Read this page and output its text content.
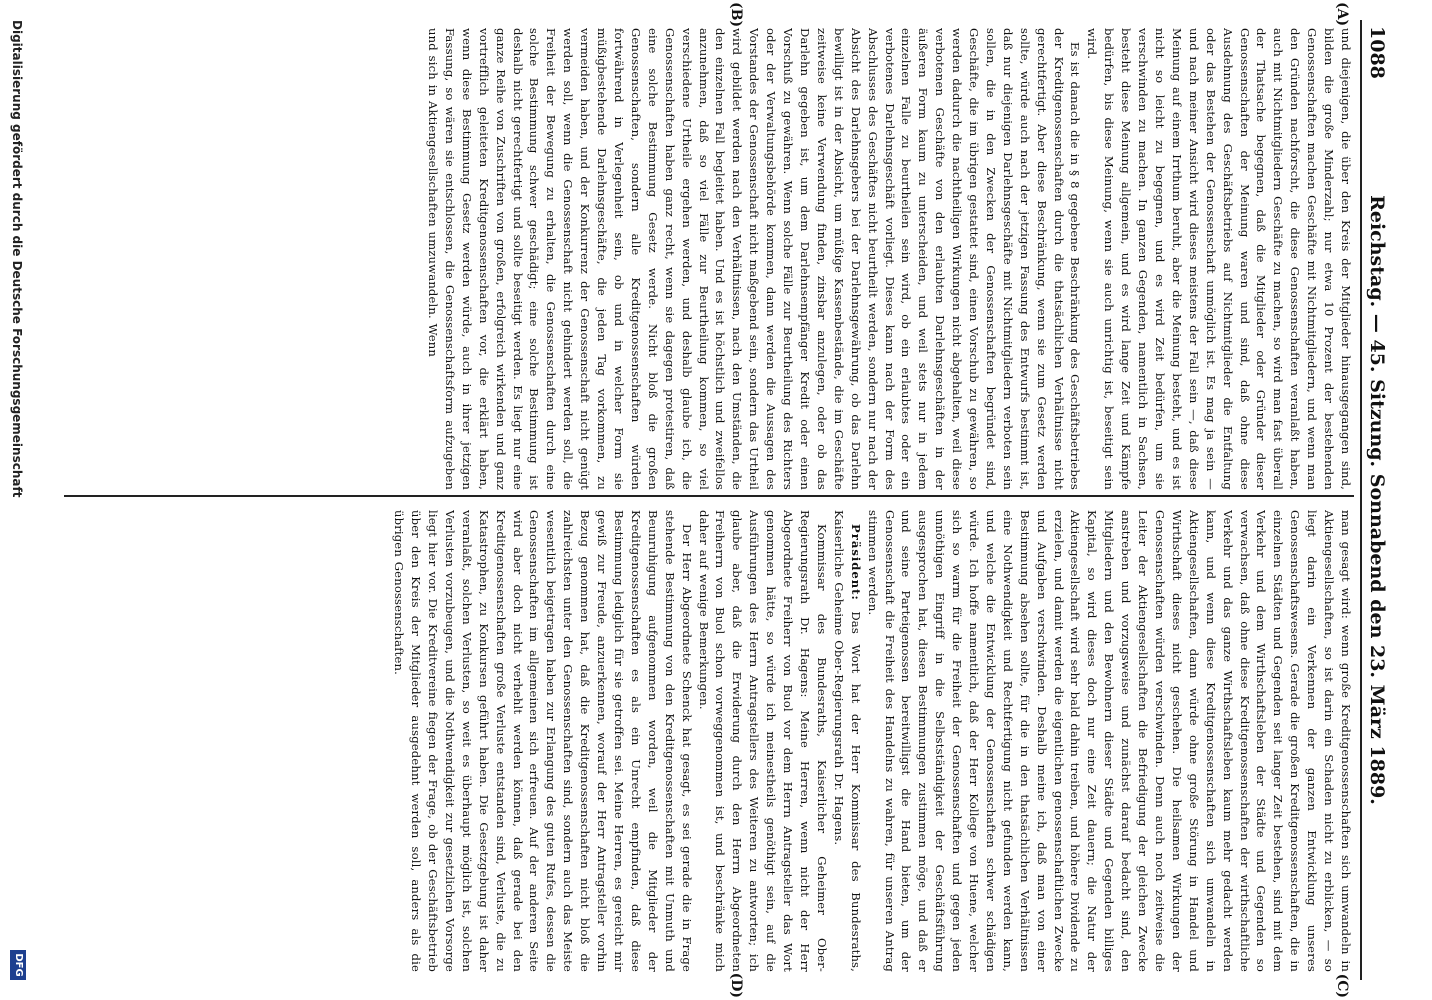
1088
Reichstag. — 45. Sitzung. Sonnabend den 23. März 1889.
(A)
(B)
(C)
(D)

und diejenigen, die über den Kreis der Mitglieder hinausgegangen sind, bilden die große Minderzahl; nur etwa 10 Prozent der bestehenden Genossenschaften machen Geschäfte mit Nichtmitgliedern, und wenn man den Gründen nachforscht, die diese Genossenschaften veranlaßt haben, auch mit Nichtmitgliedern Geschäfte zu machen, so wird man fast überall der Thatsache begegnen, daß die Mitglieder oder Gründer dieser Genossenschaften der Meinung waren und sind, daß ohne diese Ausdehnung des Geschäftsbetriebs auf Nichtmitglieder die Entfaltung oder das Bestehen der Genossenschaft unmöglich ist. Es mag ja sein — und nach meiner Ansicht wird dieses meistens der Fall sein —, daß diese Meinung auf einem Irrthum beruht, aber die Meinung besteht, und es ist nicht so leicht zu begegnen, und es wird Zeit bedürfen, um sie verschwinden zu machen. In ganzen Gegenden, namentlich in Sachsen, besteht diese Meinung allgemein, und es wird lange Zeit und Kämpfe bedürfen, bis diese Meinung, wenn sie auch unrichtig ist, beseitigt sein wird.

Es ist danach die in § 8 gegebene Beschränkung des Geschäftsbetriebes der Kreditgenossenschaften durch die thatsächlichen Verhältnisse nicht gerechtfertigt. Aber diese Beschränkung, wenn sie zum Gesetz werden sollte, würde auch nach der jetzigen Fassung des Entwurfs bestimmt ist, daß nur diejenigen Darlehnsgeschäfte mit Nichtmitgliedern verboten sein sollen, die in den Zwecken der Genossenschaften begründet sind, Geschäfte, die im übrigen gestattet sind, einen Vorschub zu gewähren, so werden dadurch die nachtheiligen Wirkungen nicht abgehalten, weil diese verbotenen Geschäfte von den erlaubten Darlehnsgeschäften in der äußeren Form kaum zu unterscheiden, und weil stets nur in jedem einzelnen Falle zu beurtheilen sein wird, ob ein erlaubtes oder ein verbotenes Darlehnsgeschäft vorliegt. Dieses kann nach der Form des Abschlusses des Geschäftes nicht beurtheilt werden, sondern nur nach der Absicht des Darlehnsgebers bei der Darlehnsgewährung, ob das Darlehn bewilligt ist in der Absicht, um müßige Kassenbestände, die im Geschäfte zeitweise keine Verwendung finden, zinsbar anzulegen, oder ob das Darlehn gegeben ist, um dem Darlehnsempfänger Kredit oder einen Vorschuß zu gewähren. Wenn solche Fälle zur Beurtheilung des Richters oder der Verwaltungsbehörde kommen, dann werden die Aussagen des Vorstandes der Genossenschaft nicht maßgebend sein, sondern das Urtheil wird gebildet werden nach den Verhältnissen, nach den Umständen, die den einzelnen Fall begleitet haben. Und es ist höchstlich und zweifellos anzunehmen, daß so viel Fälle zur Beurtheilung kommen, so viel verschiedene Urtheile ergehen werden, und deshalb glaube ich, die Genossenschaften haben ganz recht, wenn sie dagegen protestiren, daß eine solche Bestimmung Gesetz werde. Nicht bloß die großen Genossenschaften, sondern alle Kreditgenossenschaften würden fortwährend in Verlegenheit sein, ob und in welcher Form sie müßigbestehende Darlehnsgeschäfte, die jeden Tag vorkommen, zu vermeiden haben, und der Konkurrenz der Genossenschaft nicht genügt werden soll, wenn die Genossenschaft nicht gehindert werden soll, die Freiheit der Bewegung zu erhalten, die Genossenschaften durch eine solche Bestimmung schwer geschädigt; eine solche Bestimmung ist deshalb nicht gerechtfertigt und sollte beseitigt werden. Es liegt nur eine ganze Reihe von Zuschriften von großen, erfolgreich wirkenden und ganz vortrefflich geleiteten Kreditgenossenschaften vor, die erklärt haben, wenn diese Bestimmung Gesetz werden würde, auch in ihrer jetzigen Fassung, so wären sie entschlossen, die Genossenschaftsform aufzugeben und sich in Aktiengesellschaften umzuwandeln. Wenn

man gesagt wird: wenn große Kreditgenossenschaften sich umwandeln in Aktiengesellschaften, so ist darin ein Schaden nicht zu erblicken, — so liegt darin ein Verkennen der ganzen Entwicklung unseres Genossenschaftswesens. Gerade die großen Kreditgenossenschaften, die in einzelnen Städten und Gegenden seit langer Zeit bestehen, sind mit dem Verkehr und dem Wirthschaftsleben der Städte und Gegenden so verwachsen, daß ohne diese Kreditgenossenschaften der wirthschaftliche Verkehr und das ganze Wirthschaftsleben kaum mehr gedacht werden kann, und wenn diese Kreditgenossenschaften sich umwandeln in Aktiengesellschaften, dann würde ohne große Störung in Handel und Wirthschaft dieses nicht geschehen. Die heilsamen Wirkungen der Genossenschaften würden verschwinden. Denn auch noch zeitweise die Leiter der Aktiengesellschaften die Befriedigung der gleichen Zwecke anstreben und vorzugsweise und zunächst darauf bedacht sind, den Mitgliedern und den Bewohnern dieser Städte und Gegenden billiges Kapital, so wird dieses doch nur eine Zeit dauern; die Natur der Aktiengesellschaft wird sehr bald dahin treiben, und höhere Dividende zu erzielen, und damit werden die eigentlichen genossenschaftlichen Zwecke und Aufgaben verschwinden. Deshalb meine ich, daß man von einer Bestimmung absehen sollte, für die in den thatsächlichen Verhältnissen eine Nothwendigkeit und Rechtfertigung nicht gefunden werden kann, und welche die Entwicklung der Genossenschaften schwer schädigen würde. Ich hoffe namentlich, daß der Herr Kollege von Huene, welcher sich so warm für die Freiheit der Genossenschaften und gegen jeden unnöthigen Eingriff in die Selbstständigkeit der Geschäftsführung ausgesprochen hat, diesen Bestimmungen zustimmen möge, und daß er und seine Parteigenossen bereitwilligst die Hand bieten, um der Genossenschaft die Freiheit des Handelns zu wahren, für unseren Antrag stimmen werden.

Präsident: Das Wort hat der Herr Kommissar des Bundesraths, Kaiserliche Geheime Ober-Regierungsrath Dr. Hagens.

Kommissar des Bundesraths, Kaiserlicher Geheimer Ober-Regierungsrath Dr. Hagens: Meine Herren, wenn nicht der Herr Abgeordnete Freiherr von Buol vor dem Herrn Antragsteller das Wort genommen hätte, so würde ich meinestheils genöthigt sein, auf die Ausführungen des Herrn Antragstellers des Weiteren zu antworten; ich glaube aber, daß die Erwiderung durch den Herrn Abgeordneten Freiherrn von Buol schon vorweggenommen ist, und beschränke mich daher auf wenige Bemerkungen.

Der Herr Abgeordnete Schenck hat gesagt, es sei gerade die in Frage stehende Bestimmung von den Kreditgenossenschaften mit Unmuth und Beunruhigung aufgenommen worden, weil die Mitglieder der Kreditgenossenschaften es als ein Unrecht empfinden, daß diese Bestimmung lediglich für sie getroffen sei. Meine Herren, es gereicht mir gewiß zur Freude, anzuerkennen, worauf der Herr Antragsteller vorhin Bezug genommen hat, daß die Kreditgenossenschaften nicht bloß die zahlreichsten unter den Genossenschaften sind, sondern auch das Meiste wesentlich beigetragen haben zur Erlangung des guten Rufes, dessen die Genossenschaften im allgemeinen sich erfreuen. Auf der anderen Seite wird aber doch nicht verhehlt werden können, daß gerade bei den Kreditgenossenschaften große Verluste entstanden sind, Verluste, die zu Katastrophen, zu Konkursen geführt haben. Die Gesetzgebung ist daher veranlaßt, solchen Verlusten, so weit es überhaupt möglich ist, solchen Verlusten vorzubeugen, und die Nothwendigkeit zur gesetzlichen Vorsorge liegt hier vor. Die Kreditvereine fiegen der Frage, ob der Geschäftsbetrieb über den Kreis der Mitglieder ausgedehnt werden soll, anders als die übrigen Genossenschaften.

Digitalisierung gefördert durch die Deutsche Forschungsgemeinschaft
DFG
